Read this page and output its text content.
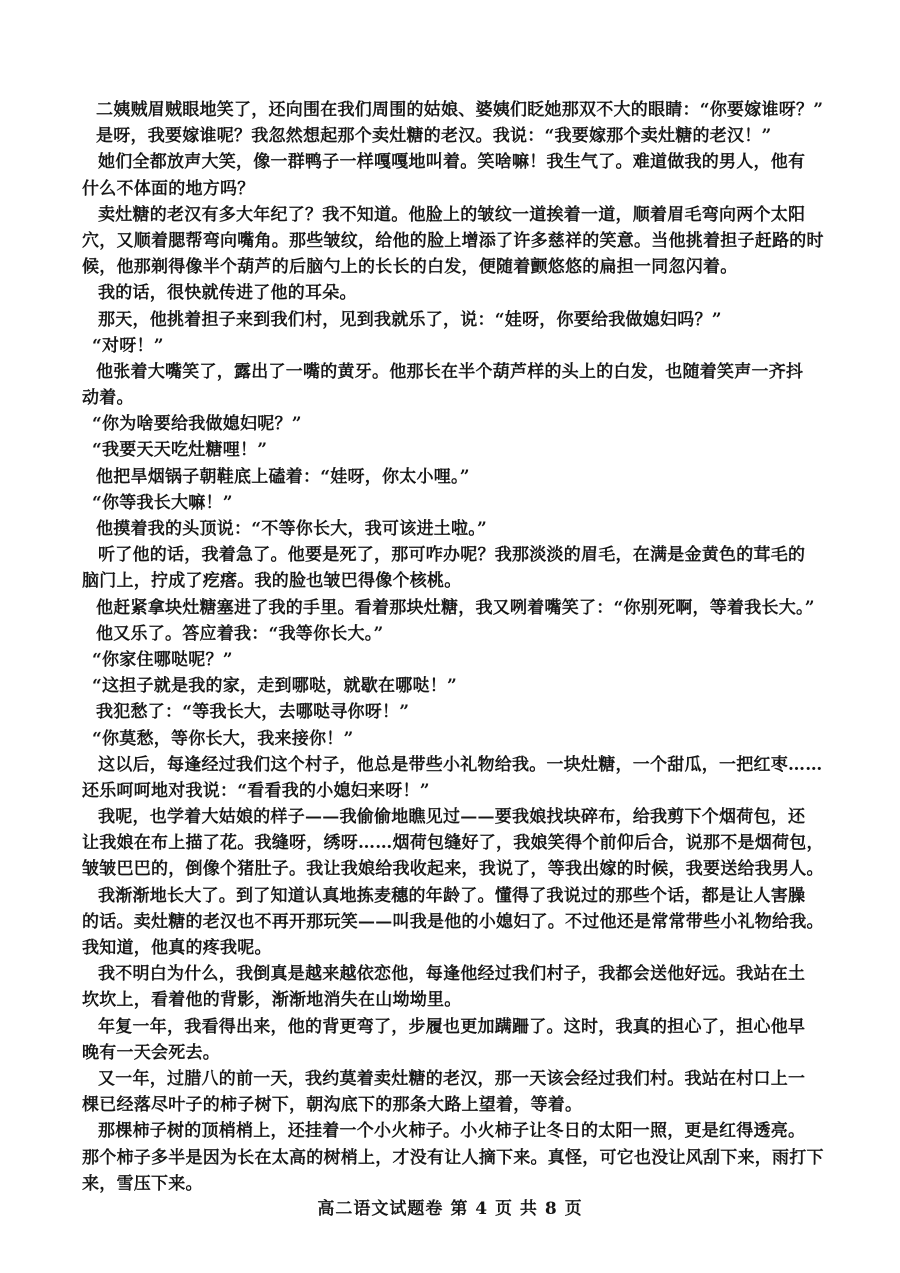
二姨贼眉贼眼地笑了，还向围在我们周围的姑娘、婆姨们眨她那双不大的眼睛：“你要嫁谁呀？”
是呀，我要嫁谁呢？我忽然想起那个卖灶糖的老汉。我说：“我要嫁那个卖灶糖的老汉！”
她们全都放声大笑，像一群鸭子一样嘎嘎地叫着。笑啥嘛！我生气了。难道做我的男人，他有
什么不体面的地方吗？
卖灶糖的老汉有多大年纪了？我不知道。他脸上的皱纹一道挨着一道，顺着眉毛弯向两个太阳
穴，又顺着腮帮弯向嘴角。那些皱纹，给他的脸上增添了许多慈祥的笑意。当他挑着担子赶路的时
候，他那剃得像半个葫芦的后脑勺上的长长的白发，便随着颤悠悠的扁担一同忽闪着。
我的话，很快就传进了他的耳朵。
那天，他挑着担子来到我们村，见到我就乐了，说：“娃呀，你要给我做媳妇吗？”
“对呀！”
他张着大嘴笑了，露出了一嘴的黄牙。他那长在半个葫芦样的头上的白发，也随着笑声一齐抖
动着。
“你为啥要给我做媳妇呢？”
“我要天天吃灶糖哩！”
他把旱烟锅子朝鞋底上磕着：“娃呀，你太小哩。”
“你等我长大嘛！”
他摸着我的头顶说：“不等你长大，我可该进土啦。”
听了他的话，我着急了。他要是死了，那可咋办呢？我那淡淡的眉毛，在满是金黄色的茸毛的
脑门上，拧成了疙瘩。我的脸也皱巴得像个核桃。
他赶紧拿块灶糖塞进了我的手里。看着那块灶糖，我又咧着嘴笑了：“你别死啊，等着我长大。”
他又乐了。答应着我：“我等你长大。”
“你家住哪哒呢？”
“这担子就是我的家，走到哪哒，就歇在哪哒！”
我犯愁了：“等我长大，去哪哒寻你呀！”
“你莫愁，等你长大，我来接你！”
这以后，每逢经过我们这个村子，他总是带些小礼物给我。一块灶糖，一个甜瓜，一把红枣……
还乐呵呵地对我说：“看看我的小媳妇来呀！”
我呢，也学着大姑娘的样子——我偷偷地瞧见过——要我娘找块碎布，给我剪下个烟荷包，还
让我娘在布上描了花。我缝呀，绣呀……烟荷包缝好了，我娘笑得个前仰后合，说那不是烟荷包，
皱皱巴巴的，倒像个猪肚子。我让我娘给我收起来，我说了，等我出嫁的时候，我要送给我男人。
我渐渐地长大了。到了知道认真地拣麦穗的年龄了。懂得了我说过的那些个话，都是让人害臊
的话。卖灶糖的老汉也不再开那玩笑——叫我是他的小媳妇了。不过他还是常常带些小礼物给我。
我知道，他真的疼我呢。
我不明白为什么，我倒真是越来越依恋他，每逢他经过我们村子，我都会送他好远。我站在土
坎坎上，看着他的背影，渐渐地消失在山坳坳里。
年复一年，我看得出来，他的背更弯了，步履也更加蹒跚了。这时，我真的担心了，担心他早
晚有一天会死去。
又一年，过腊八的前一天，我约莫着卖灶糖的老汉，那一天该会经过我们村。我站在村口上一
棵已经落尽叶子的柿子树下，朝沟底下的那条大路上望着，等着。
那棵柿子树的顶梢梢上，还挂着一个小火柿子。小火柿子让冬日的太阳一照，更是红得透亮。
那个柿子多半是因为长在太高的树梢上，才没有让人摘下来。真怪，可它也没让风刮下来，雨打下
来，雪压下来。
高二语文试题卷 第 4 页 共 8 页
